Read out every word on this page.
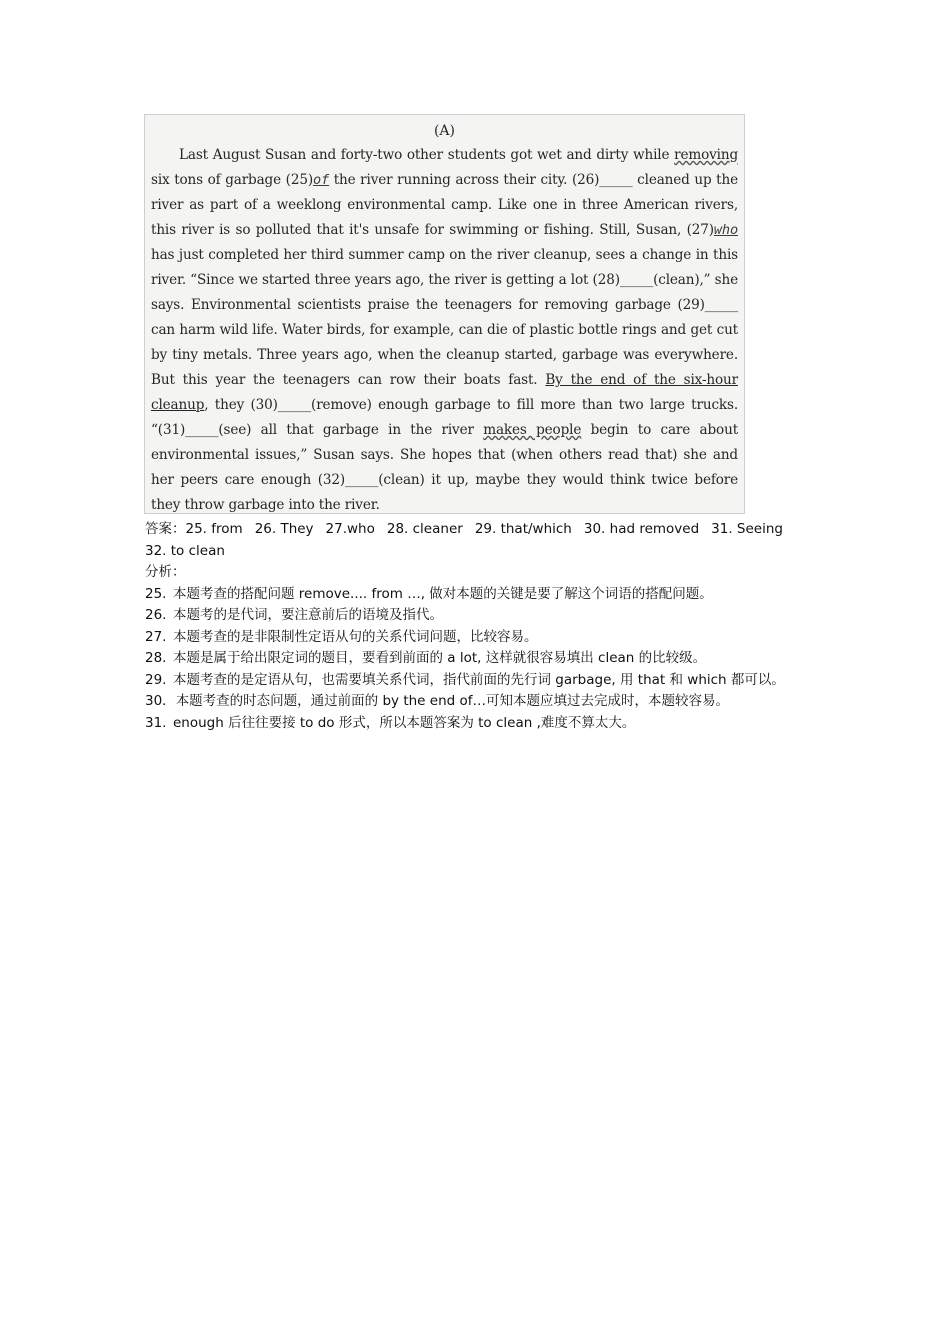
(A)

Last August Susan and forty-two other students got wet and dirty while removing six tons of garbage (25)of the river running across their city. (26)_____ cleaned up the river as part of a weeklong environmental camp. Like one in three American rivers, this river is so polluted that it's unsafe for swimming or fishing. Still, Susan, (27)who has just completed her third summer camp on the river cleanup, sees a change in this river. “Since we started three years ago, the river is getting a lot (28)_____(clean),” she says. Environmental scientists praise the teenagers for removing garbage (29)_____ can harm wild life. Water birds, for example, can die of plastic bottle rings and get cut by tiny metals. Three years ago, when the cleanup started, garbage was everywhere. But this year the teenagers can row their boats fast. By the end of the six-hour cleanup, they (30)_____(remove) enough garbage to fill more than two large trucks. “(31)_____(see) all that garbage in the river makes people begin to care about environmental issues,” Susan says. She hopes that (when others read that) she and her peers care enough (32)_____(clean) it up, maybe they would think twice before they throw garbage into the river.

答案：25. from 26. They 27.who 28. cleaner 29. that/which 30. had removed 31. Seeing
32. to clean
分析：
25. 本题考查的搭配问题 remove.... from …, 做对本题的关键是要了解这个词语的搭配问题。
26. 本题考的是代词，要注意前后的语境及指代。
27. 本题考查的是非限制性定语从句的关系代词问题，比较容易。
28. 本题是属于给出限定词的题目，要看到前面的 a lot, 这样就很容易填出 clean 的比较级。
29. 本题考查的是定语从句，也需要填关系代词，指代前面的先行词 garbage, 用 that 和 which 都可以。
30． 本题考查的时态问题，通过前面的 by the end of…可知本题应填过去完成时，本题较容易。
31. enough 后往往要接 to do 形式，所以本题答案为 to clean ,难度不算太大。
